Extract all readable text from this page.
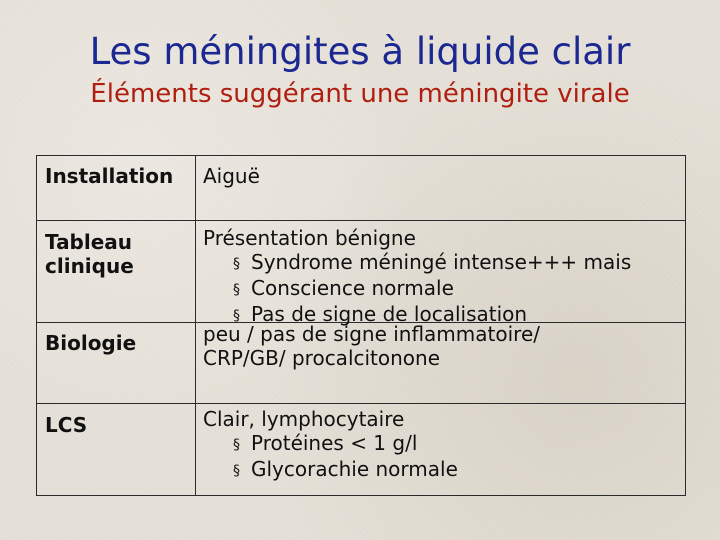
Les méningites à liquide clair
Éléments suggérant une méningite virale
Installation Aiguë
Tableau clinique
Présentation bénigne
§ Syndrome méningé intense+++ mais
§ Conscience normale
§ Pas de signe de localisation
Biologie	peu / pas de signe inflammatoire/
CRP/GB/ procalcitonone
LCS	Clair, lymphocytaire
§ Protéines < 1 g/l
§ Glycorachie normale
